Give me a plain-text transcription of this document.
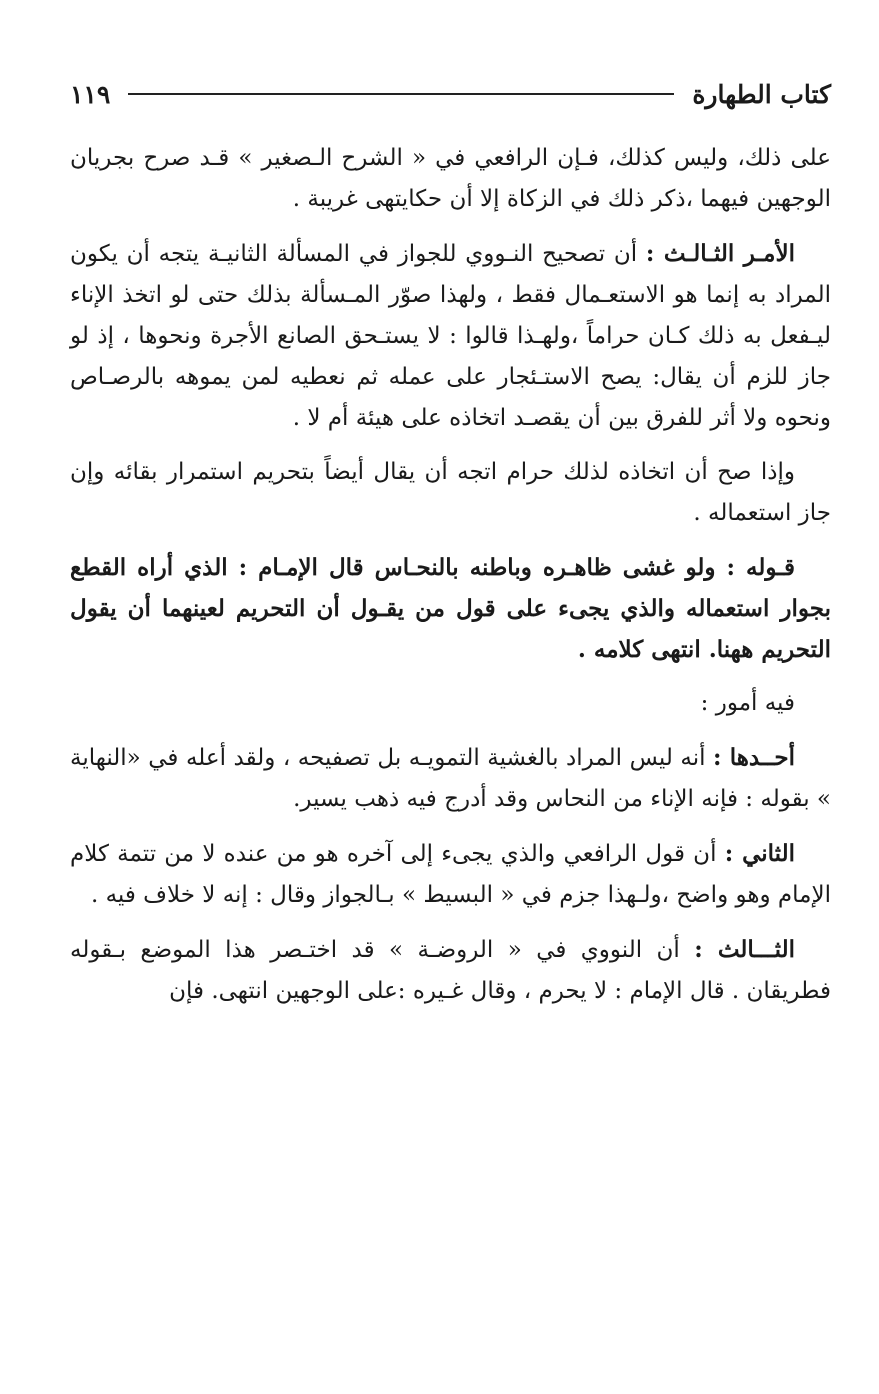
كتاب الطهارة
١١٩

على ذلك، وليس كذلك، فـإن الرافعي في « الشرح الـصغير » قـد صرح بجريان الوجهين فيهما ،ذكر ذلك في الزكاة إلا أن حكايتهى غريبة .

الأمـر الثـالـث : أن تصحيح النـووي للجواز في المسألة الثانيـة يتجه أن يكون المراد به إنما هو الاستعـمال فقط ، ولهذا صوّر المـسألة بذلك حتى لو اتخذ الإناء ليـفعل به ذلك كـان حراماً ،ولهـذا قالوا : لا يستـحق الصانع الأجرة ونحوها ، إذ لو جاز للزم أن يقال: يصح الاستـئجار على عمله ثم نعطيه لمن يموهه بالرصـاص ونحوه ولا أثر للفرق بين أن يقصـد اتخاذه على هيئة أم لا .

وإذا صح أن اتخاذه لذلك حرام اتجه أن يقال أيضاً بتحريم استمرار بقائه وإن جاز استعماله .

قـوله : ولو غشى ظاهـره وباطنه بالنحـاس قال الإمـام : الذي أراه القطع بجوار استعماله والذي يجىء على قول من يقـول أن التحريم لعينهما أن يقول التحريم ههنا. انتهى كلامه .

فيه أمور :

أحــدها : أنه ليس المراد بالغشية التمويـه بل تصفيحه ، ولقد أعله في «النهاية » بقوله : فإنه الإناء من النحاس وقد أدرج فيه ذهب يسير.

الثاني : أن قول الرافعي والذي يجىء إلى آخره هو من عنده لا من تتمة كلام الإمام وهو واضح ،ولـهذا جزم في « البسيط » بـالجواز وقال : إنه لا خلاف فيه .

الثـــالث : أن النووي في « الروضـة » قد اختـصر هذا الموضع بـقوله فطريقان . قال الإمام : لا يحرم ، وقال غـيره :على الوجهين انتهى. فإن
